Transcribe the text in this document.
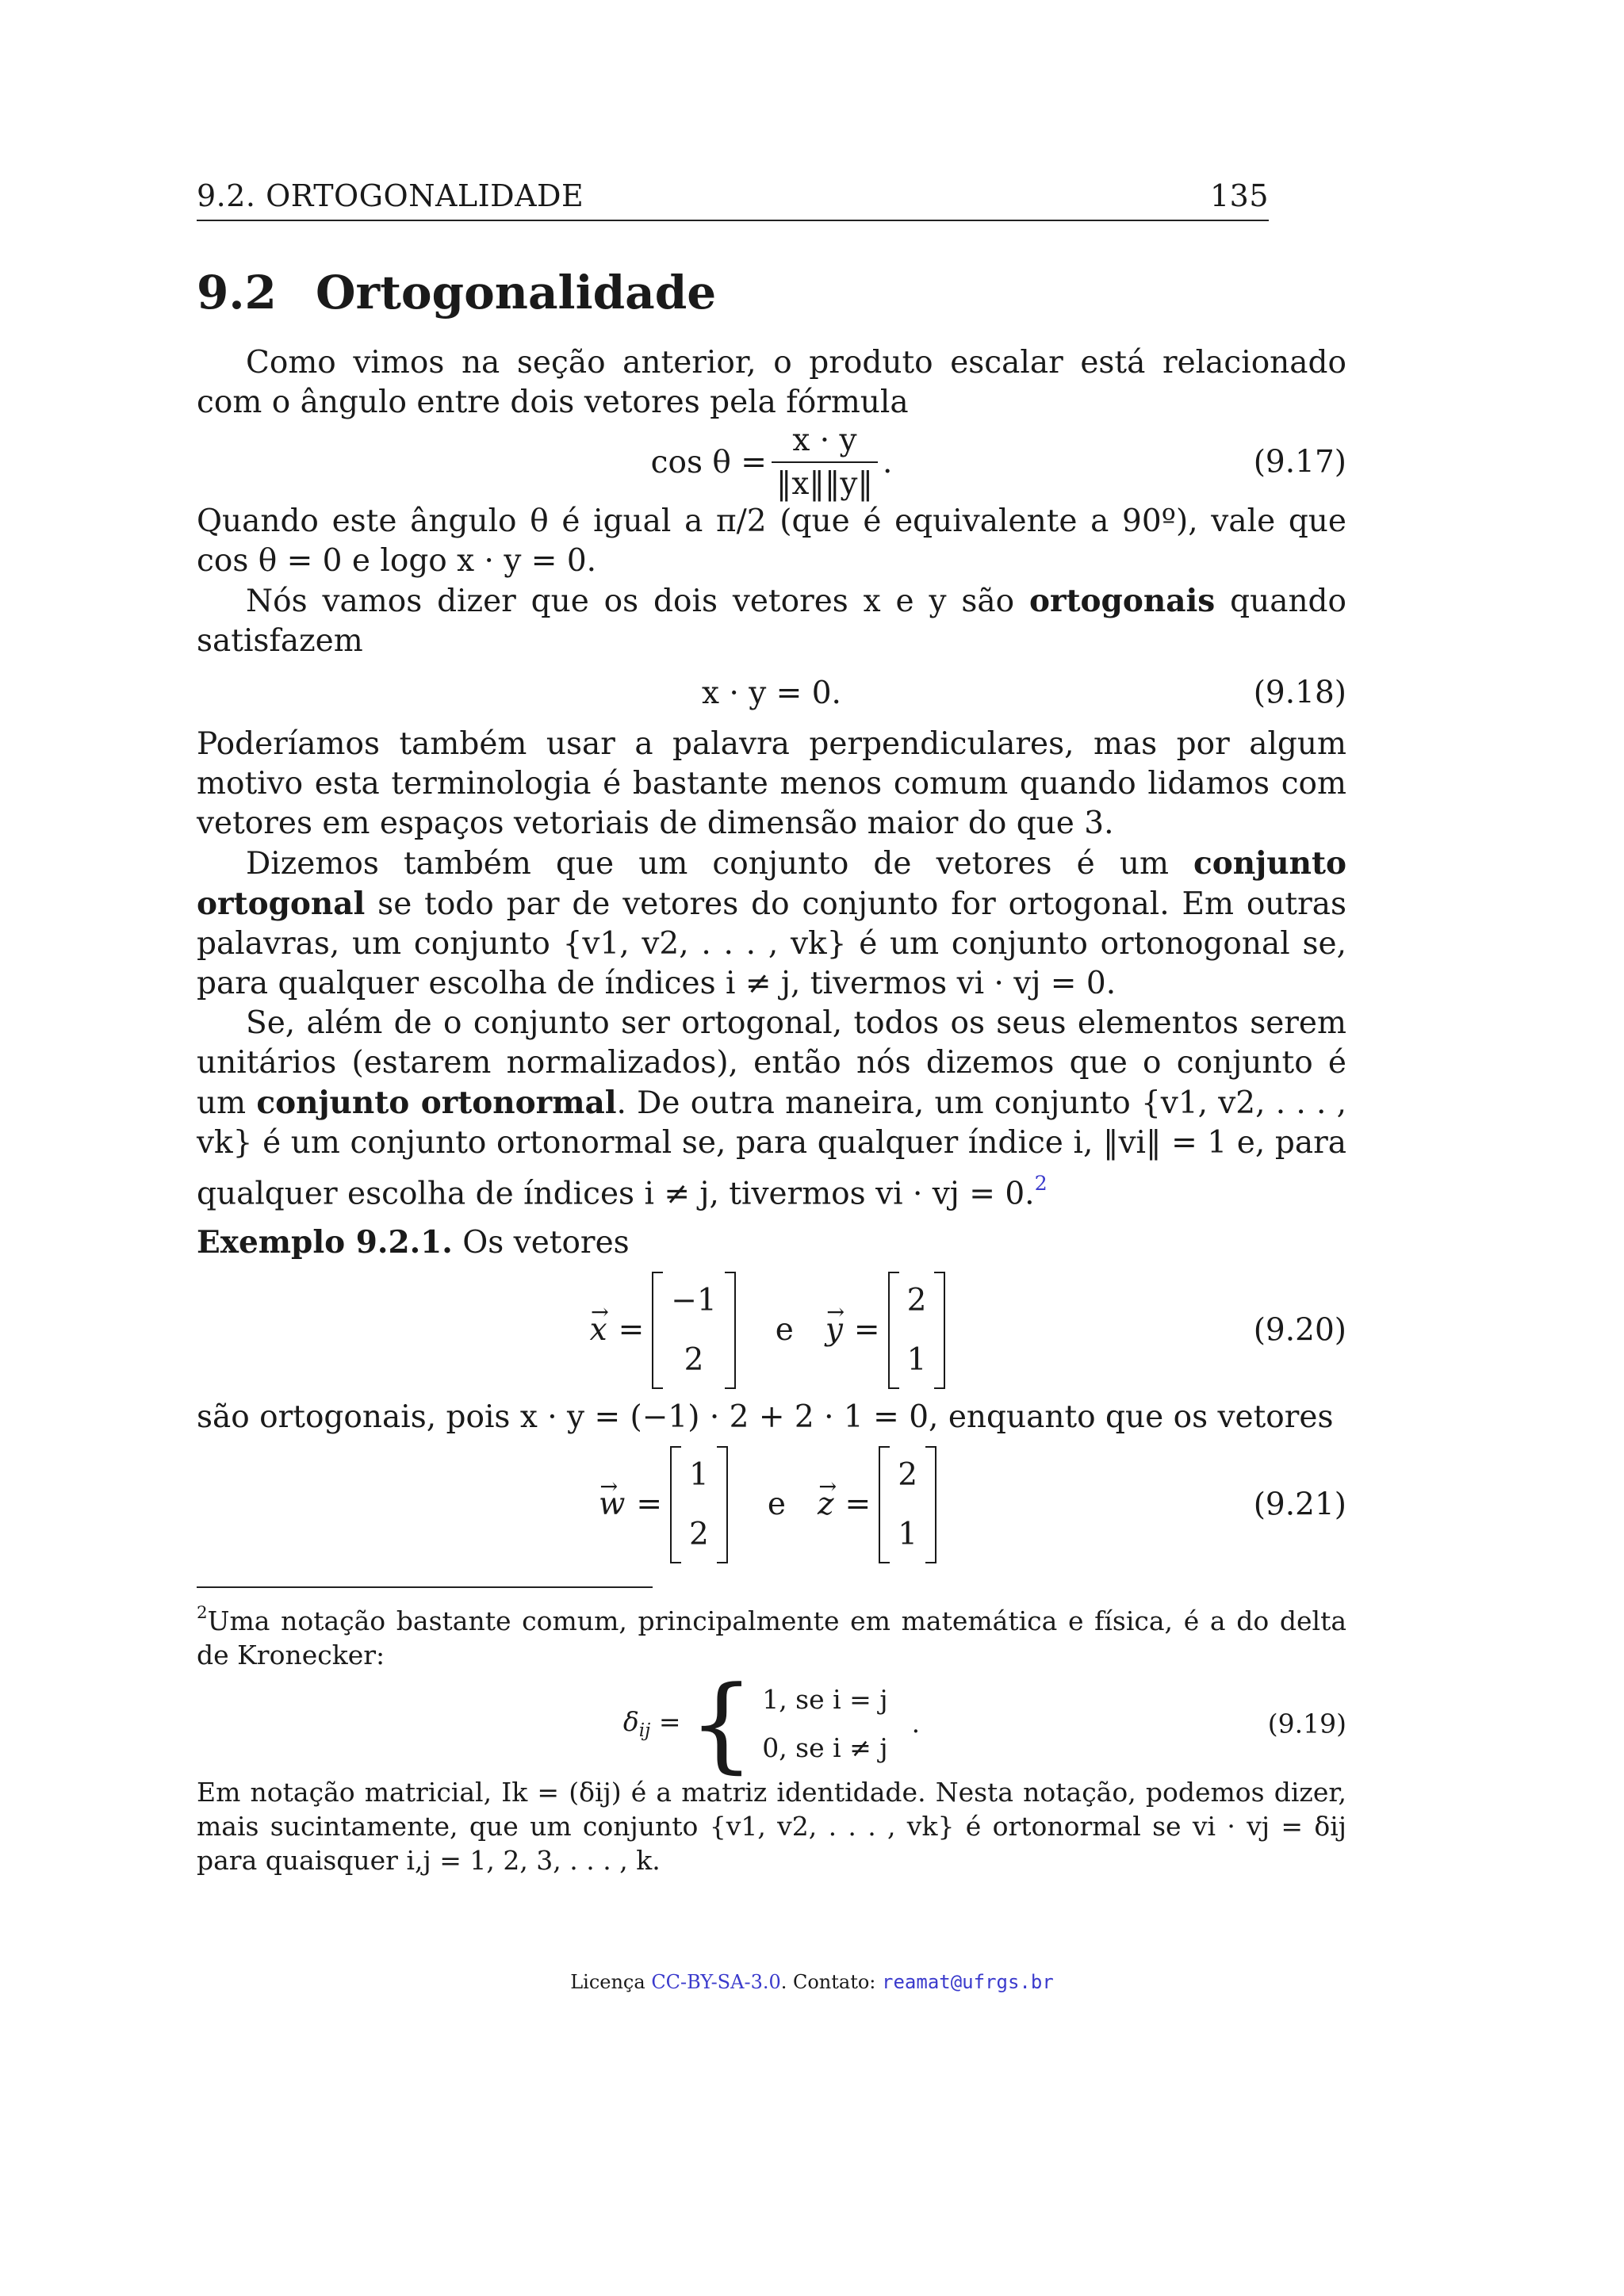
9.2. ORTOGONALIDADE	135
9.2 Ortogonalidade

Como vimos na seção anterior, o produto escalar está relacionado com o ângulo entre dois vetores pela fórmula

$\cos \theta = \frac{x \cdot y}{‖x‖‖y‖}$ .	(9.17)

Quando este ângulo θ é igual a π/2 (que é equivalente a 90º), vale que cos θ = 0 e logo x · y = 0.

Nós vamos dizer que os dois vetores x e y são ortogonais quando satisfazem

x · y = 0.	(9.18)

Poderíamos também usar a palavra perpendiculares, mas por algum motivo esta terminologia é bastante menos comum quando lidamos com vetores em espaços vetoriais de dimensão maior do que 3.

Dizemos também que um conjunto de vetores é um conjunto ortogonal se todo par de vetores do conjunto for ortogonal. Em outras palavras, um conjunto {v1, v2, . . . , vk} é um conjunto ortonogonal se, para qualquer escolha de índices i ≠ j, tivermos vi · vj = 0.

Se, além de o conjunto ser ortogonal, todos os seus elementos serem unitários (estarem normalizados), então nós dizemos que o conjunto é um conjunto ortonormal. De outra maneira, um conjunto {v1, v2, . . . , vk} é um conjunto ortonormal se, para qualquer índice i, ‖vi‖ = 1 e, para qualquer escolha de índices i ≠ j, tivermos vi · vj = 0.$^2$

Exemplo 9.2.1. Os vetores

→ x =
−1
2
e → y =
2
1
(9.20)

são ortogonais, pois x · y = (−1) · 2 + 2 · 1 = 0, enquanto que os vetores

→ w =
1
2
e → z =
2
1
(9.21)
$^2$Uma notação bastante comum, principalmente em matemática e física, é a do delta de Kronecker:
$\delta_{ij}$ = { 1, se i = j
0, se i ≠ j
.	(9.19)
Em notação matricial, Ik = (δij) é a matriz identidade. Nesta notação, podemos dizer, mais sucintamente, que um conjunto {v1, v2, . . . , vk} é ortonormal se vi · vj = δij para quaisquer i,j = 1, 2, 3, . . . , k.
Licença CC-BY-SA-3.0. Contato: reamat@ufrgs.br
